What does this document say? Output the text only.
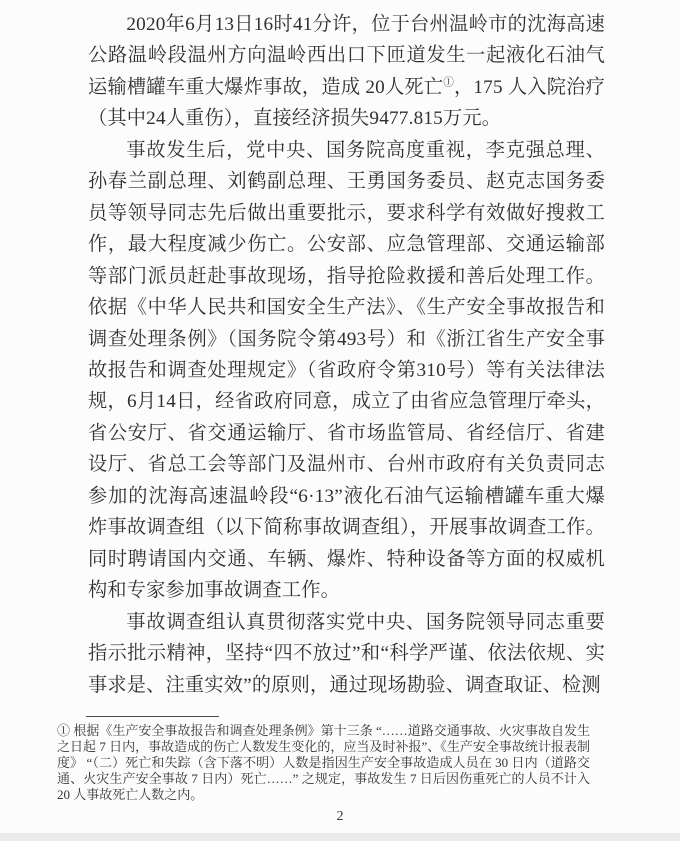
2020年6月13日16时41分许，位于台州温岭市的沈海高速公路温岭段温州方向温岭西出口下匝道发生一起液化石油气运输槽罐车重大爆炸事故，造成 20人死亡①，175 人入院治疗（其中24人重伤），直接经济损失9477.815万元。

事故发生后，党中央、国务院高度重视，李克强总理、孙春兰副总理、刘鹤副总理、王勇国务委员、赵克志国务委员等领导同志先后做出重要批示，要求科学有效做好搜救工作，最大程度减少伤亡。公安部、应急管理部、交通运输部等部门派员赶赴事故现场，指导抢险救援和善后处理工作。依据《中华人民共和国安全生产法》、《生产安全事故报告和调查处理条例》（国务院令第493号）和《浙江省生产安全事故报告和调查处理规定》（省政府令第310号）等有关法律法规，6月14日，经省政府同意，成立了由省应急管理厅牵头，省公安厅、省交通运输厅、省市场监管局、省经信厅、省建设厅、省总工会等部门及温州市、台州市政府有关负责同志参加的沈海高速温岭段“6·13”液化石油气运输槽罐车重大爆炸事故调查组（以下简称事故调查组），开展事故调查工作。同时聘请国内交通、车辆、爆炸、特种设备等方面的权威机构和专家参加事故调查工作。

事故调查组认真贯彻落实党中央、国务院领导同志重要指示批示精神，坚持“四不放过”和“科学严谨、依法依规、实事求是、注重实效”的原则，通过现场勘验、调查取证、检测

① 根据《生产安全事故报告和调查处理条例》第十三条 “……道路交通事故、火灾事故自发生之日起 7 日内，事故造成的伤亡人数发生变化的，应当及时补报”、《生产安全事故统计报表制度》 “（二）死亡和失踪（含下落不明）人数是指因生产安全事故造成人员在 30 日内（道路交通、火灾生产安全事故 7 日内）死亡……” 之规定，事故发生 7 日后因伤重死亡的人员不计入 20 人事故死亡人数之内。
2
